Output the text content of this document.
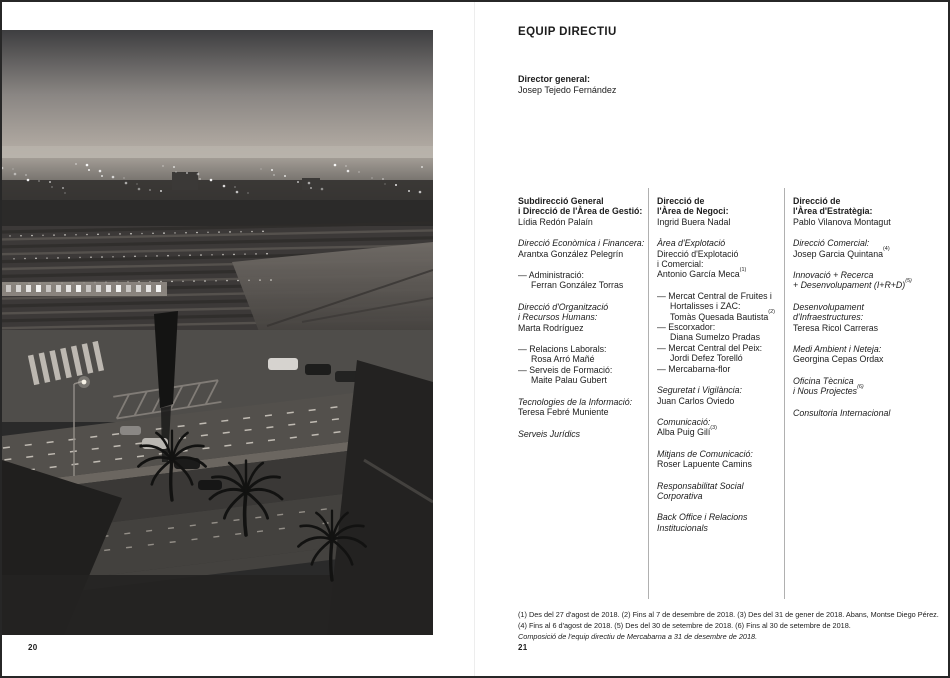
20
EQUIP DIRECTIU
Director general:
Josep Tejedo Fernández
Subdirecció General
i Direcció de l'Àrea de Gestió:
Lídia Redón Palaín
Direcció Econòmica i Financera:
Arantxa González Pelegrín
— Administració:
Ferran González Torras
Direcció d'Organització
i Recursos Humans:
Marta Rodríguez
— Relacions Laborals:
Rosa Arró Mañé
— Serveis de Formació:
Maite Palau Gubert
Tecnologies de la Informació:
Teresa Febré Muniente
Serveis Jurídics
Direcció de
l'Àrea de Negoci:
Ingrid Buera Nadal
Àrea d'Explotació
Direcció d'Explotació
i Comercial:
Antonio García Meca$^{(1)}$
— Mercat Central de Fruites i
Hortalisses i ZAC:
Tomàs Quesada Bautista$^{(2)}$
— Escorxador:
Diana Sumelzo Pradas
— Mercat Central del Peix:
Jordi Defez Torelló
— Mercabarna-flor
Seguretat i Vigilància:
Juan Carlos Oviedo
Comunicació:
Alba Puig Gilí$^{(3)}$
Mitjans de Comunicació:
Roser Lapuente Camins
Responsabilitat Social
Corporativa
Back Office i Relacions
Institucionals
Direcció de
l'Àrea d'Estratègia:
Pablo Vilanova Montagut
Direcció Comercial:
Josep Garcia Quintana$^{(4)}$
Innovació + Recerca
+ Desenvolupament $(I+R+D)^{(5)}$
Desenvolupament
d'Infraestructures:
Teresa Ricol Carreras
Medi Ambient i Neteja:
Georgina Cepas Ordax
Oficina Tècnica
i Nous Projectes$^{(6)}$
Consultoria Internacional
(1) Des del 27 d'agost de 2018. (2) Fins al 7 de desembre de 2018. (3) Des del 31 de gener de 2018. Abans, Montse Diego Pérez.
(4) Fins al 6 d'agost de 2018. (5) Des del 30 de setembre de 2018. (6) Fins al 30 de setembre de 2018.
Composició de l'equip directiu de Mercabarna a 31 de desembre de 2018.
21
